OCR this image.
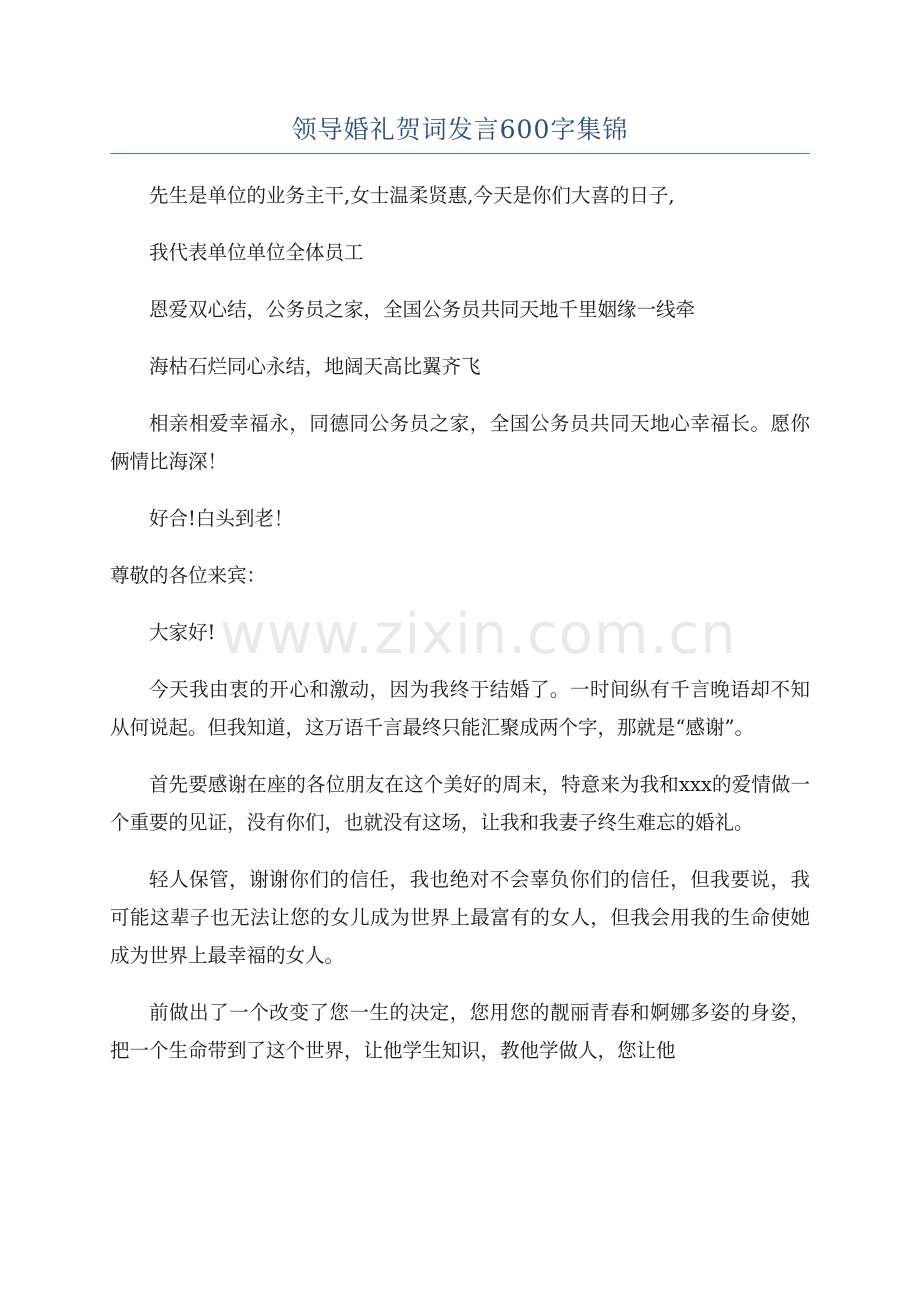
领导婚礼贺词发言600字集锦

先生是单位的业务主干,女士温柔贤惠,今天是你们大喜的日子,

我代表单位单位全体员工

恩爱双心结，公务员之家，全国公务员共同天地千里姻缘一线牵

海枯石烂同心永结，地阔天高比翼齐飞

相亲相爱幸福永，同德同公务员之家，全国公务员共同天地心幸福长。愿你俩情比海深！

好合!白头到老！

尊敬的各位来宾：

大家好!

今天我由衷的开心和激动，因为我终于结婚了。一时间纵有千言晚语却不知从何说起。但我知道，这万语千言最终只能汇聚成两个字，那就是“感谢”。

首先要感谢在座的各位朋友在这个美好的周末，特意来为我和xxx的爱情做一个重要的见证，没有你们，也就没有这场，让我和我妻子终生难忘的婚礼。

轻人保管，谢谢你们的信任，我也绝对不会辜负你们的信任，但我要说，我可能这辈子也无法让您的女儿成为世界上最富有的女人，但我会用我的生命使她成为世界上最幸福的女人。

前做出了一个改变了您一生的决定，您用您的靓丽青春和婀娜多姿的身姿，把一个生命带到了这个世界，让他学生知识，教他学做人，您让他

www.zixin.com.cn
